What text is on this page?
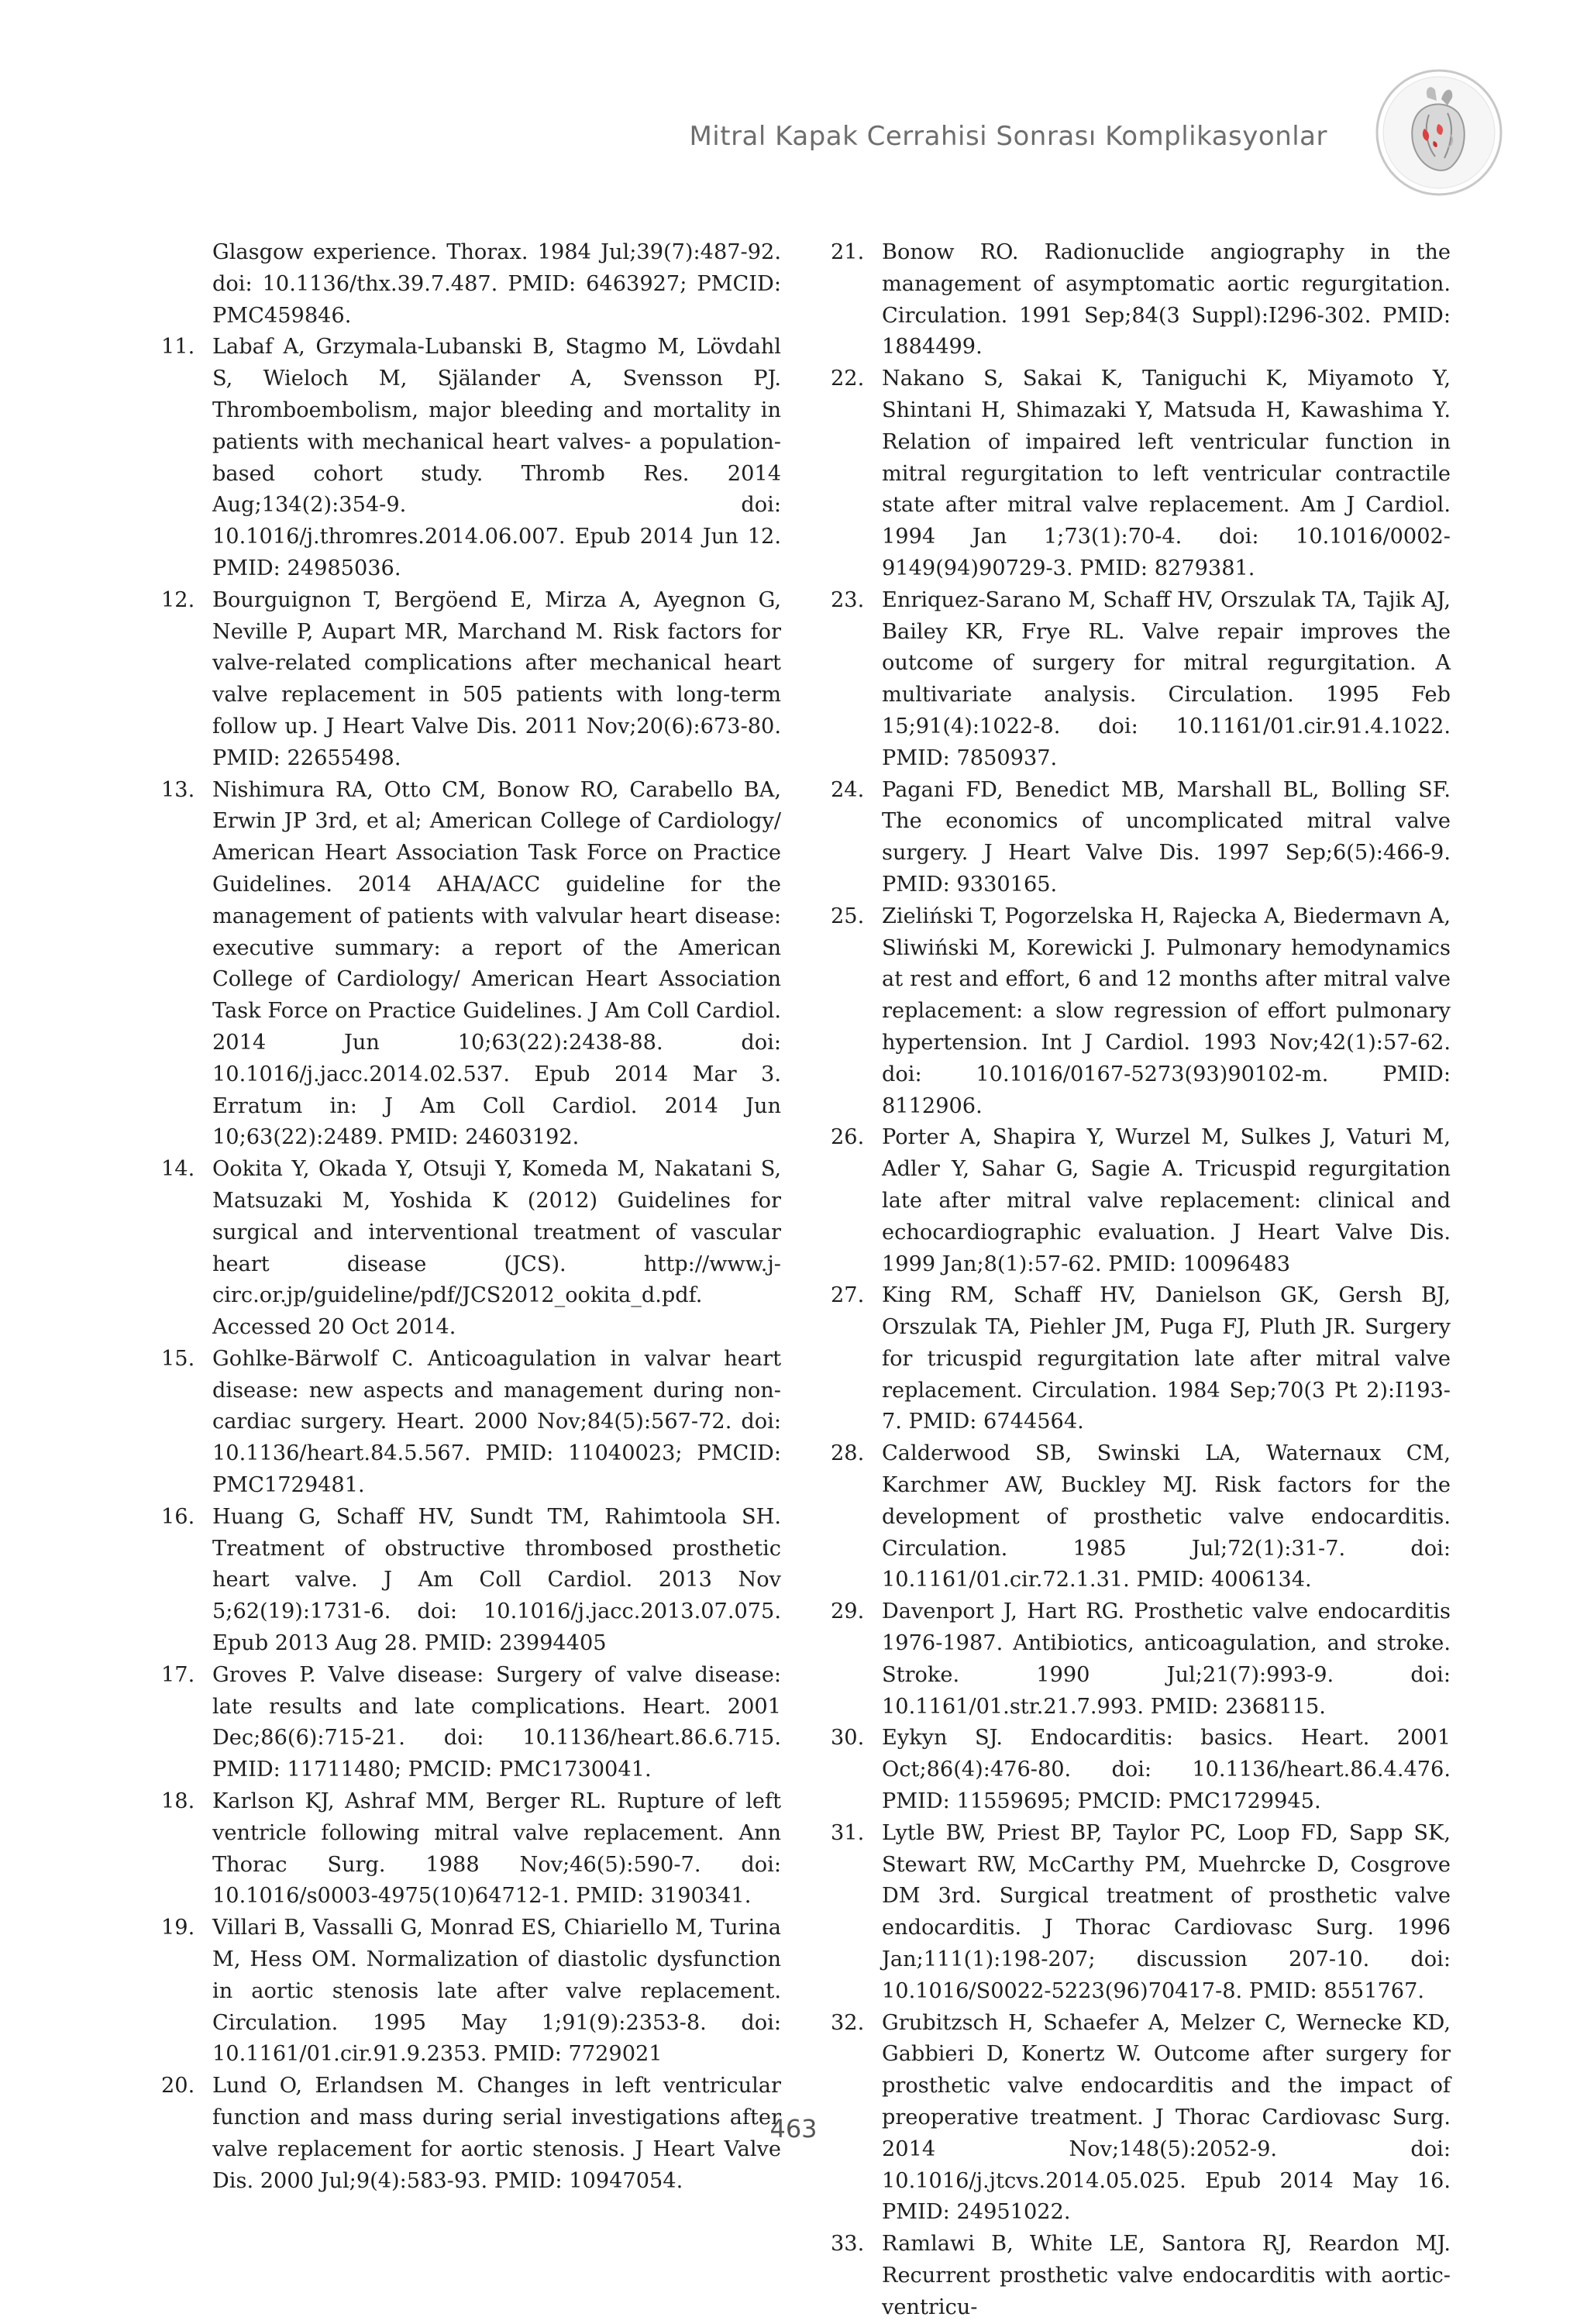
Mitral Kapak Cerrahisi Sonrası Komplikasyonlar
Glasgow experience. Thorax. 1984 Jul;39(7):487-92. doi: 10.1136/thx.39.7.487. PMID: 6463927; PMCID: PMC459846.
11. Labaf A, Grzymala-Lubanski B, Stagmo M, Lövdahl S, Wieloch M, Själander A, Svensson PJ. Thromboembolism, major bleeding and mortality in patients with mechanical heart valves- a population-based cohort study. Thromb Res. 2014 Aug;134(2):354-9. doi: 10.1016/j.thromres.2014.06.007. Epub 2014 Jun 12. PMID: 24985036.
12. Bourguignon T, Bergöend E, Mirza A, Ayegnon G, Neville P, Aupart MR, Marchand M. Risk factors for valve-related complications after mechanical heart valve replacement in 505 patients with long-term follow up. J Heart Valve Dis. 2011 Nov;20(6):673-80. PMID: 22655498.
13. Nishimura RA, Otto CM, Bonow RO, Carabello BA, Erwin JP 3rd, et al; American College of Cardiology/ American Heart Association Task Force on Practice Guidelines. 2014 AHA/ACC guideline for the management of patients with valvular heart disease: executive summary: a report of the American College of Cardiology/ American Heart Association Task Force on Practice Guidelines. J Am Coll Cardiol. 2014 Jun 10;63(22):2438-88. doi: 10.1016/j.jacc.2014.02.537. Epub 2014 Mar 3. Erratum in: J Am Coll Cardiol. 2014 Jun 10;63(22):2489. PMID: 24603192.
14. Ookita Y, Okada Y, Otsuji Y, Komeda M, Nakatani S, Matsuzaki M, Yoshida K (2012) Guidelines for surgical and interventional treatment of vascular heart disease (JCS). http://www.j-circ.or.jp/guideline/pdf/JCS2012_ookita_d.pdf. Accessed 20 Oct 2014.
15. Gohlke-Bärwolf C. Anticoagulation in valvar heart disease: new aspects and management during non-cardiac surgery. Heart. 2000 Nov;84(5):567-72. doi: 10.1136/heart.84.5.567. PMID: 11040023; PMCID: PMC1729481.
16. Huang G, Schaff HV, Sundt TM, Rahimtoola SH. Treatment of obstructive thrombosed prosthetic heart valve. J Am Coll Cardiol. 2013 Nov 5;62(19):1731-6. doi: 10.1016/j.jacc.2013.07.075. Epub 2013 Aug 28. PMID: 23994405
17. Groves P. Valve disease: Surgery of valve disease: late results and late complications. Heart. 2001 Dec;86(6):715-21. doi: 10.1136/heart.86.6.715. PMID: 11711480; PMCID: PMC1730041.
18. Karlson KJ, Ashraf MM, Berger RL. Rupture of left ventricle following mitral valve replacement. Ann Thorac Surg. 1988 Nov;46(5):590-7. doi: 10.1016/s0003-4975(10)64712-1. PMID: 3190341.
19. Villari B, Vassalli G, Monrad ES, Chiariello M, Turina M, Hess OM. Normalization of diastolic dysfunction in aortic stenosis late after valve replacement. Circulation. 1995 May 1;91(9):2353-8. doi: 10.1161/01.cir.91.9.2353. PMID: 7729021
20. Lund O, Erlandsen M. Changes in left ventricular function and mass during serial investigations after valve replacement for aortic stenosis. J Heart Valve Dis. 2000 Jul;9(4):583-93. PMID: 10947054.
21. Bonow RO. Radionuclide angiography in the management of asymptomatic aortic regurgitation. Circulation. 1991 Sep;84(3 Suppl):I296-302. PMID: 1884499.
22. Nakano S, Sakai K, Taniguchi K, Miyamoto Y, Shintani H, Shimazaki Y, Matsuda H, Kawashima Y. Relation of impaired left ventricular function in mitral regurgitation to left ventricular contractile state after mitral valve replacement. Am J Cardiol. 1994 Jan 1;73(1):70-4. doi: 10.1016/0002-9149(94)90729-3. PMID: 8279381.
23. Enriquez-Sarano M, Schaff HV, Orszulak TA, Tajik AJ, Bailey KR, Frye RL. Valve repair improves the outcome of surgery for mitral regurgitation. A multivariate analysis. Circulation. 1995 Feb 15;91(4):1022-8. doi: 10.1161/01.cir.91.4.1022. PMID: 7850937.
24. Pagani FD, Benedict MB, Marshall BL, Bolling SF. The economics of uncomplicated mitral valve surgery. J Heart Valve Dis. 1997 Sep;6(5):466-9. PMID: 9330165.
25. Zieliński T, Pogorzelska H, Rajecka A, Biedermavn A, Sliwiński M, Korewicki J. Pulmonary hemodynamics at rest and effort, 6 and 12 months after mitral valve replacement: a slow regression of effort pulmonary hypertension. Int J Cardiol. 1993 Nov;42(1):57-62. doi: 10.1016/0167-5273(93)90102-m. PMID: 8112906.
26. Porter A, Shapira Y, Wurzel M, Sulkes J, Vaturi M, Adler Y, Sahar G, Sagie A. Tricuspid regurgitation late after mitral valve replacement: clinical and echocardiographic evaluation. J Heart Valve Dis. 1999 Jan;8(1):57-62. PMID: 10096483
27. King RM, Schaff HV, Danielson GK, Gersh BJ, Orszulak TA, Piehler JM, Puga FJ, Pluth JR. Surgery for tricuspid regurgitation late after mitral valve replacement. Circulation. 1984 Sep;70(3 Pt 2):I193-7. PMID: 6744564.
28. Calderwood SB, Swinski LA, Waternaux CM, Karchmer AW, Buckley MJ. Risk factors for the development of prosthetic valve endocarditis. Circulation. 1985 Jul;72(1):31-7. doi: 10.1161/01.cir.72.1.31. PMID: 4006134.
29. Davenport J, Hart RG. Prosthetic valve endocarditis 1976-1987. Antibiotics, anticoagulation, and stroke. Stroke. 1990 Jul;21(7):993-9. doi: 10.1161/01.str.21.7.993. PMID: 2368115.
30. Eykyn SJ. Endocarditis: basics. Heart. 2001 Oct;86(4):476-80. doi: 10.1136/heart.86.4.476. PMID: 11559695; PMCID: PMC1729945.
31. Lytle BW, Priest BP, Taylor PC, Loop FD, Sapp SK, Stewart RW, McCarthy PM, Muehrcke D, Cosgrove DM 3rd. Surgical treatment of prosthetic valve endocarditis. J Thorac Cardiovasc Surg. 1996 Jan;111(1):198-207; discussion 207-10. doi: 10.1016/S0022-5223(96)70417-8. PMID: 8551767.
32. Grubitzsch H, Schaefer A, Melzer C, Wernecke KD, Gabbieri D, Konertz W. Outcome after surgery for prosthetic valve endocarditis and the impact of preoperative treatment. J Thorac Cardiovasc Surg. 2014 Nov;148(5):2052-9. doi: 10.1016/j.jtcvs.2014.05.025. Epub 2014 May 16. PMID: 24951022.
33. Ramlawi B, White LE, Santora RJ, Reardon MJ. Recurrent prosthetic valve endocarditis with aortic-ventricu-
463
